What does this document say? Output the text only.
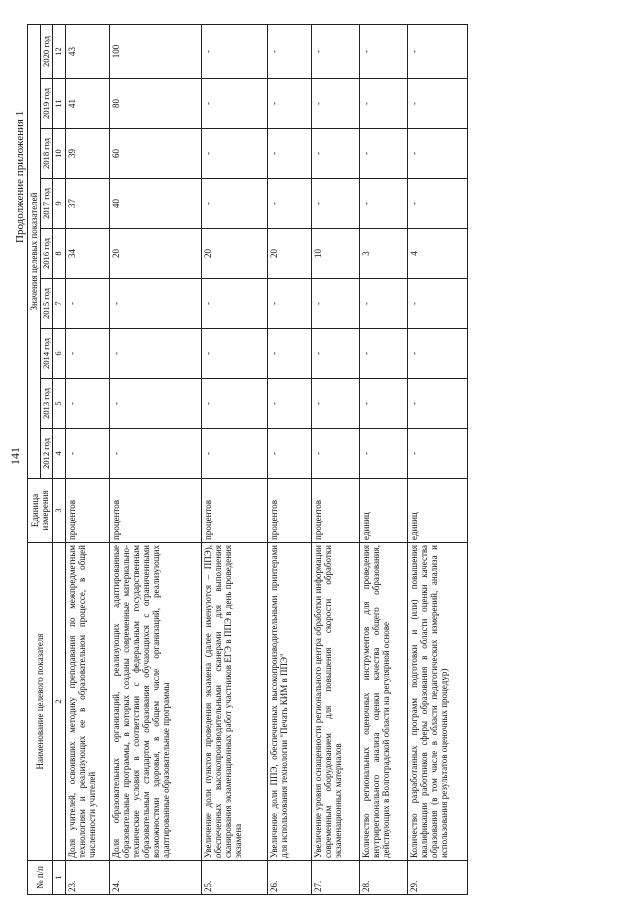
141
Продолжение приложения 1
№ п/п	Наименование целевого показателя	Единица измерения	Значения целевых показателей								
			2012 год	2013 год	2014 год	2015 год	2016 год	2017 год	2018 год	2019 год	2020 год
1	2	3	4	5	6	7	8	9	10	11	12
23.	Доля учителей, освоивших методику преподавания по межпредметным технологиям и реализующих ее в образовательном процессе, в общей численности учителей	процентов	-	-	-	-	34	37	39	41	43
24.	Доля образовательных организаций, реализующих адаптированные образовательные программы, в которых созданы современные материально-технические условия в соответствии с федеральным государственным образовательным стандартом образования обучающихся с ограниченными возможностями здоровья, в общем числе организаций, реализующих адаптированные образовательные программы	процентов	-	-	-	-	20	40	60	80	100
25.	Увеличение доли пунктов проведения экзамена (далее именуются – ППЭ), обеспеченных высокопроизводительными сканерами для выполнения сканирования экзаменационных работ участников ЕГЭ в ППЭ в день проведения экзамена	процентов	-	-	-	-	20	-	-	-	-
26.	Увеличение доли ППЭ, обеспеченных высокопроизводительными принтерами для использования технологии "Печать КИМ в ППЭ"	процентов	-	-	-	-	20	-	-	-	-
27.	Увеличение уровня оснащенности регионального центра обработки информации современным оборудованием для повышения скорости обработки экзаменационных материалов	процентов	-	-	-	-	10	-	-	-	-
28.	Количество региональных оценочных инструментов для проведения внутрирегионального анализа оценки качества общего образования, действующих в Волгоградской области на регулярной основе	единиц	-	-	-	-	3	-	-	-	-
29.	Количество разработанных программ подготовки и (или) повышения квалификации работников сферы образования в области оценки качества образования (в том числе в области педагогических измерений, анализа и использования результатов оценочных процедур)	единиц	-	-	-	-	4	-	-	-	-
